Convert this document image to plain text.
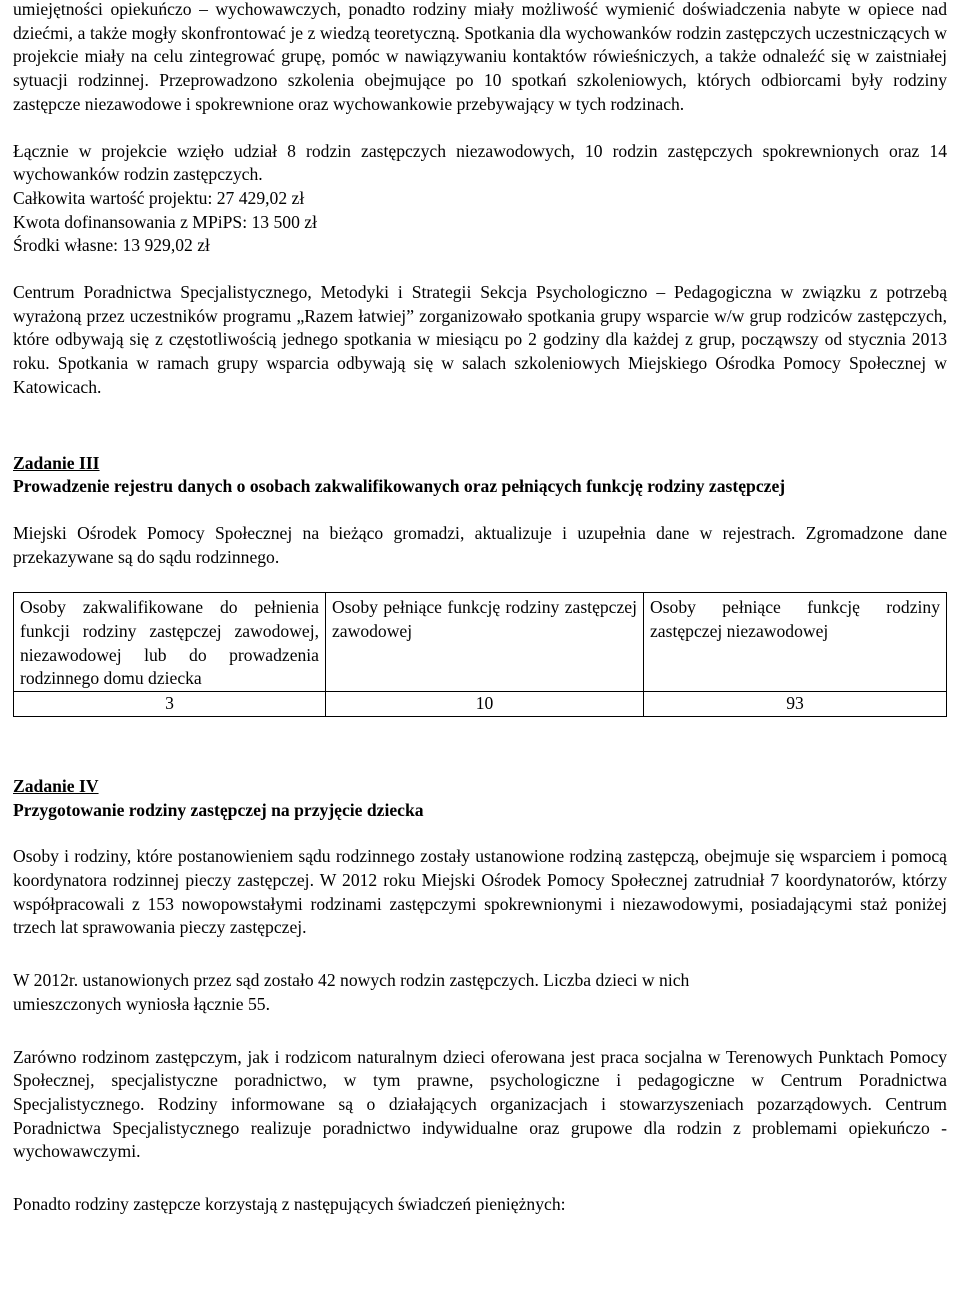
umiejętności opiekuńczo – wychowawczych, ponadto rodziny miały możliwość wymienić doświadczenia nabyte w opiece nad dziećmi, a także mogły skonfrontować je z wiedzą teoretyczną. Spotkania dla wychowanków rodzin zastępczych uczestniczących w projekcie miały na celu zintegrować grupę, pomóc w nawiązywaniu kontaktów rówieśniczych, a także odnaleźć się w zaistniałej sytuacji rodzinnej. Przeprowadzono szkolenia obejmujące po 10 spotkań szkoleniowych, których odbiorcami były rodziny zastępcze niezawodowe i spokrewnione oraz wychowankowie przebywający w tych rodzinach.

Łącznie w projekcie wzięło udział 8 rodzin zastępczych niezawodowych, 10 rodzin zastępczych spokrewnionych oraz 14 wychowanków rodzin zastępczych.

Całkowita wartość projektu: 27 429,02 zł
Kwota dofinansowania z MPiPS: 13 500 zł
Środki własne: 13 929,02 zł

Centrum Poradnictwa Specjalistycznego, Metodyki i Strategii Sekcja Psychologiczno – Pedagogiczna w związku z potrzebą wyrażoną przez uczestników programu „Razem łatwiej” zorganizowało spotkania grupy wsparcie w/w grup rodziców zastępczych, które odbywają się z częstotliwością jednego spotkania w miesiącu po 2 godziny dla każdej z grup, począwszy od stycznia 2013 roku. Spotkania w ramach grupy wsparcia odbywają się w salach szkoleniowych Miejskiego Ośrodka Pomocy Społecznej w Katowicach.

Zadanie III
Prowadzenie rejestru danych o osobach zakwalifikowanych oraz pełniących funkcję rodziny zastępczej

Miejski Ośrodek Pomocy Społecznej na bieżąco gromadzi, aktualizuje i uzupełnia dane w rejestrach. Zgromadzone dane przekazywane są do sądu rodzinnego.

Osoby zakwalifikowane do pełnienia funkcji rodziny zastępczej zawodowej, niezawodowej lub do prowadzenia rodzinnego domu dziecka	Osoby pełniące funkcję rodziny zastępczej zawodowej	Osoby pełniące funkcję rodziny zastępczej niezawodowej
3	10	93
Zadanie IV
Przygotowanie rodziny zastępczej na przyjęcie dziecka

Osoby i rodziny, które postanowieniem sądu rodzinnego zostały ustanowione rodziną zastępczą, obejmuje się wsparciem i pomocą koordynatora rodzinnej pieczy zastępczej. W 2012 roku Miejski Ośrodek Pomocy Społecznej zatrudniał 7 koordynatorów, którzy współpracowali z 153 nowopowstałymi rodzinami zastępczymi spokrewnionymi i niezawodowymi, posiadającymi staż poniżej trzech lat sprawowania pieczy zastępczej.

W 2012r. ustanowionych przez sąd zostało 42 nowych rodzin zastępczych. Liczba dzieci w nich
umieszczonych wyniosła łącznie 55.

Zarówno rodzinom zastępczym, jak i rodzicom naturalnym dzieci oferowana jest praca socjalna w Terenowych Punktach Pomocy Społecznej, specjalistyczne poradnictwo, w tym prawne, psychologiczne i pedagogiczne w Centrum Poradnictwa Specjalistycznego. Rodziny informowane są o działających organizacjach i stowarzyszeniach pozarządowych. Centrum Poradnictwa Specjalistycznego realizuje poradnictwo indywidualne oraz grupowe dla rodzin z problemami opiekuńczo - wychowawczymi.

Ponadto rodziny zastępcze korzystają z następujących świadczeń pieniężnych:
